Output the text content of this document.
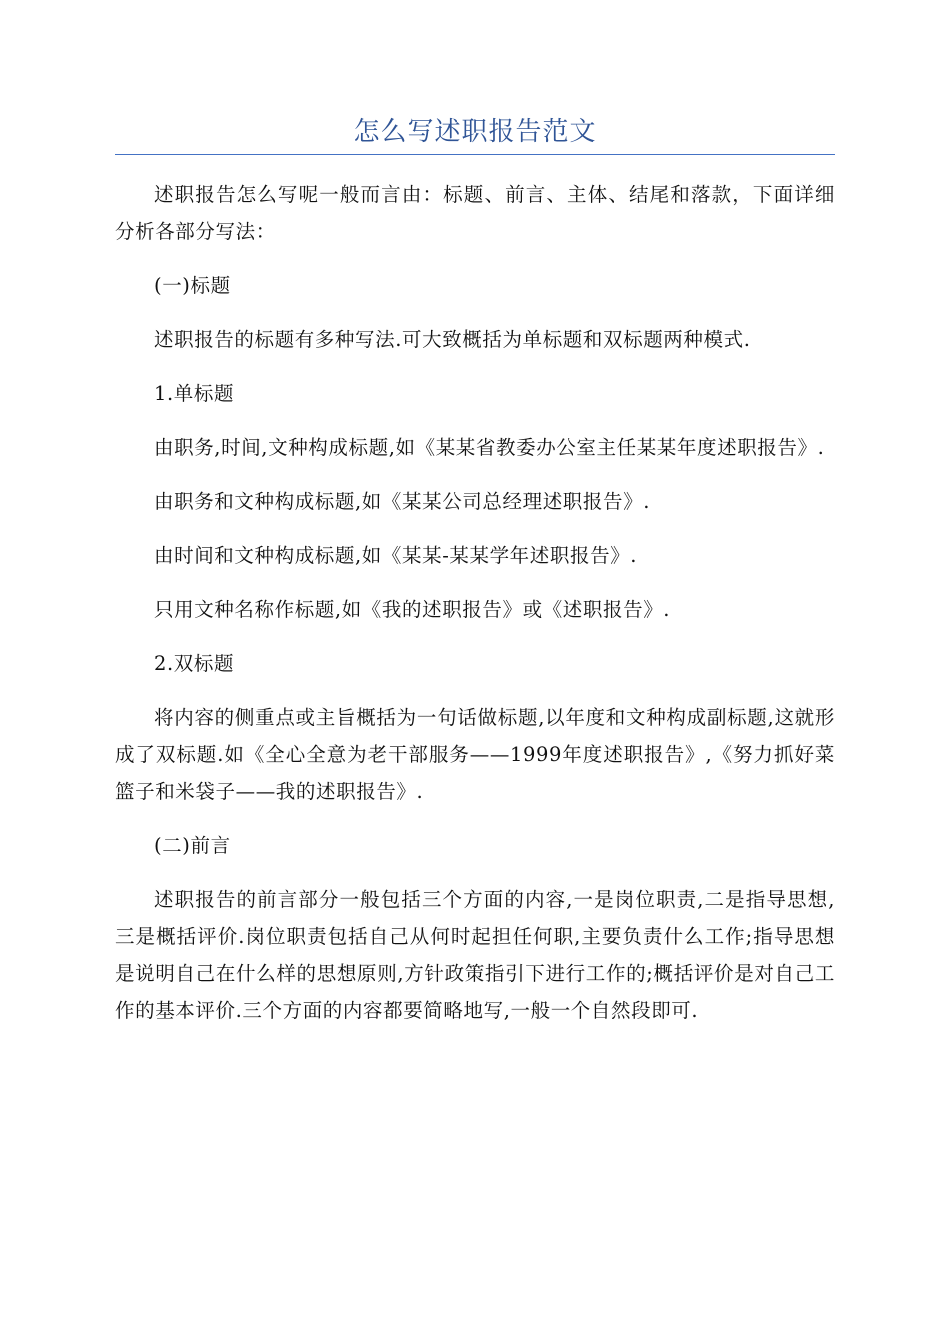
怎么写述职报告范文

述职报告怎么写呢一般而言由：标题、前言、主体、结尾和落款，下面详细分析各部分写法：

(一)标题

述职报告的标题有多种写法.可大致概括为单标题和双标题两种模式.

1.单标题

由职务,时间,文种构成标题,如《某某省教委办公室主任某某年度述职报告》.

由职务和文种构成标题,如《某某公司总经理述职报告》.

由时间和文种构成标题,如《某某-某某学年述职报告》.

只用文种名称作标题,如《我的述职报告》或《述职报告》.

2.双标题

将内容的侧重点或主旨概括为一句话做标题,以年度和文种构成副标题,这就形成了双标题.如《全心全意为老干部服务——1999年度述职报告》,《努力抓好菜篮子和米袋子——我的述职报告》.

(二)前言

述职报告的前言部分一般包括三个方面的内容,一是岗位职责,二是指导思想,三是概括评价.岗位职责包括自己从何时起担任何职,主要负责什么工作;指导思想是说明自己在什么样的思想原则,方针政策指引下进行工作的;概括评价是对自己工作的基本评价.三个方面的内容都要简略地写,一般一个自然段即可.
